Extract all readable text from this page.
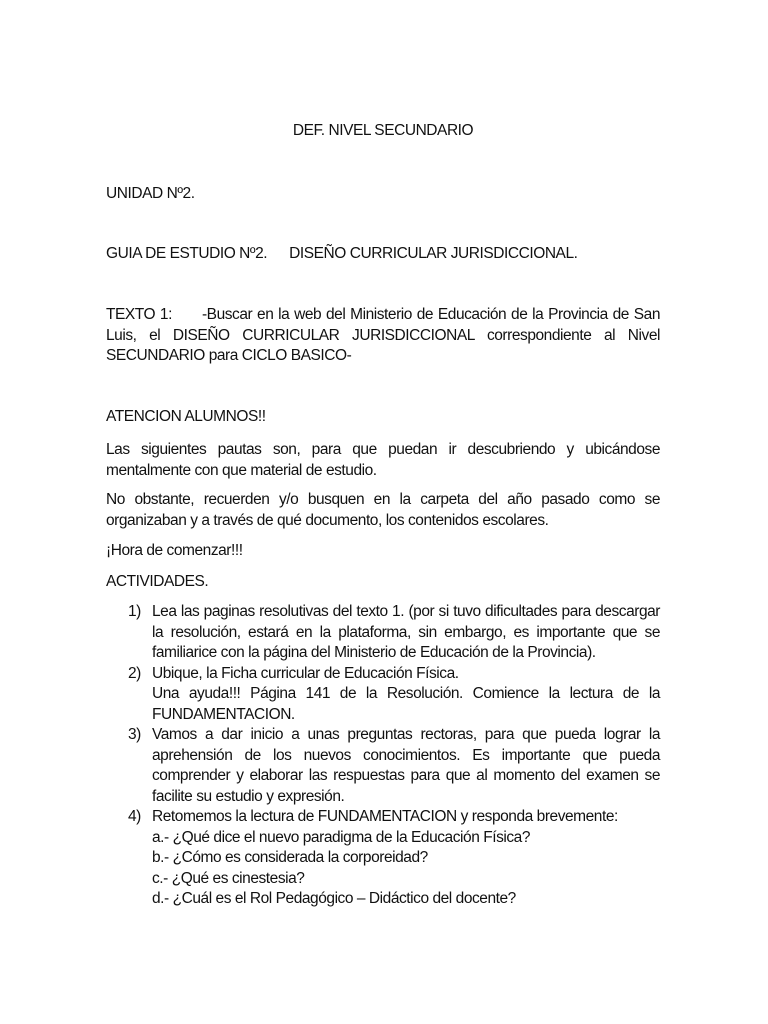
DEF. NIVEL SECUNDARIO
UNIDAD Nº2.
GUIA DE ESTUDIO Nº2. DISEÑO CURRICULAR JURISDICCIONAL.
TEXTO 1: -Buscar en la web del Ministerio de Educación de la Provincia de San Luis, el DISEÑO CURRICULAR JURISDICCIONAL correspondiente al Nivel SECUNDARIO para CICLO BASICO-
ATENCION ALUMNOS!!
Las siguientes pautas son, para que puedan ir descubriendo y ubicándose mentalmente con que material de estudio.
No obstante, recuerden y/o busquen en la carpeta del año pasado como se organizaban y a través de qué documento, los contenidos escolares.
¡Hora de comenzar!!!
ACTIVIDADES.
1) Lea las paginas resolutivas del texto 1. (por si tuvo dificultades para descargar la resolución, estará en la plataforma, sin embargo, es importante que se familiarice con la página del Ministerio de Educación de la Provincia).
2) Ubique, la Ficha curricular de Educación Física.
Una ayuda!!! Página 141 de la Resolución. Comience la lectura de la FUNDAMENTACION.
3) Vamos a dar inicio a unas preguntas rectoras, para que pueda lograr la aprehensión de los nuevos conocimientos. Es importante que pueda comprender y elaborar las respuestas para que al momento del examen se facilite su estudio y expresión.
4) Retomemos la lectura de FUNDAMENTACION y responda brevemente:
a.- ¿Qué dice el nuevo paradigma de la Educación Física?
b.- ¿Cómo es considerada la corporeidad?
c.- ¿Qué es cinestesia?
d.- ¿Cuál es el Rol Pedagógico – Didáctico del docente?
